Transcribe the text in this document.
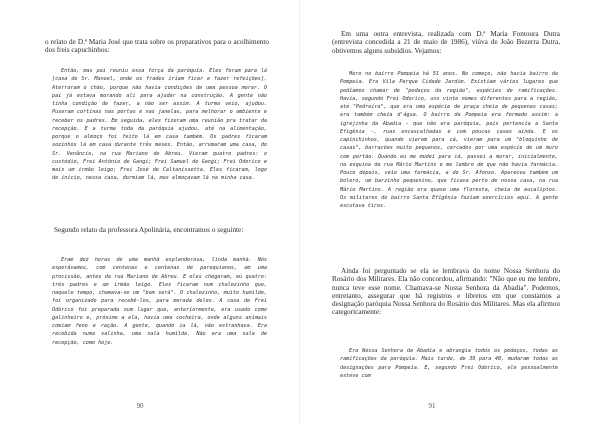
o relato de D.ª Maria José que trata sobre os preparativos para o acolhimento dos freis capuchinhos:

Então, mas pai reuniu essa força da paróquia. Eles foram para lá [casa de Sr. Manoel, onde os frades iriam ficar e fazer refeições]. Aterraram o chão, porque não havia condições de uma pessoa morar. O pai já estava morando ali para ajudar na construção. A gente não tinha condição de fazer, a não ser assim. A turma veio, ajudou. Puseram cortinas nas portas e nas janelas, para melhorar o ambiente e receber os padres. Em seguida, eles fizeram uma reunião pra tratar da recepção. E a turma toda da paróquia ajudou, até na alimentação, porque o almoço foi feito lá em casa também. Os padres ficaram sozinhos lá em casa durante três meses. Então, arrumaram uma casa, do Sr. Venâncio, na rua Mariano de Abreu. Vieram quatro padres: o custódio, Frei Antônio de Gangi; Frei Samuel de Gangi; Frei Odorico e mais um irmão leigo; Frei José de Caltanissetta. Eles ficaram, logo de início, nessa casa, dormiam lá, mas almoçavam lá na minha casa.

Segundo relato da professora Apolinária, encontramos o seguinte:

Eram dez horas de uma manhã esplendorosa, linda manhã. Nós esperávamos, com centenas e centenas de paroquianos, em uma procissão, antes da rua Mariano de Abreu. E eles chegaram, eu quatro: três padres e um irmão leigo. Eles ficaram num chalezinho que, naquele tempo, chamava-se um "bom será". O chalezinho, muito humilde, foi organizado para recebê-los, para morada deles. A casa de Frei Odórico foi preparada num lugar que, anteriormente, era usado como galinheiro e, próximo a ela, havia uma cocheira, onde alguns animais comiam feno e ração. A gente, quando ia lá, não estranhava. Era recebida numa salinha, uma sala humilde. Não era uma sala de recepção, como hoje.

90

Em uma outra entrevista, realizada com D.ª Maria Fontoura Dutra (entrevista concedida a 21 de maio de 1986), viúva de João Bezerra Dutra, obtivemos alguns subsídios. Vejamos:

Moro no bairro Pompeia há 51 anos. No começo, não havia bairro da Pompeia. Era Vila Parque Cidade Jardim. Existiam vários lugares que podíamos chamar de "pedaços da região", espécies de ramificações. Havia, segundo Frei Odorico, uns vinte nomes diferentes para a região, até "Pedreira", que era uma espécie de praça cheia de pequenas casas; era também cheia d'água. O bairro da Pompeia era formado assim: a igrejinha da Abadia - que não era paróquia, pois pertencia a Santa Efigênia -, ruas encascalhadas e com poucas casas ainda. E os capinchinhos, quando vieram para cá, vieram para um "bloquinho de casas", barracões muito pequenos, cercados por uma espécie de um muro com portão. Quando eu me mudei para cá, passei a morar, inicialmente, na esquina da rua Mário Martins e me lembro de que não havia farmácia. Pouco depois, veio uma farmácia, a do Sr. Afonso. Apareceu também um bolero, um barzinho pequenino, que ficava perto de nossa casa, na rua Mário Martins. A região era quase uma floresta, cheia de eucaliptos. Os militares do bairro Santa Efigênia faziam exercícios aqui. A gente escutava tiros.

Ainda foi perguntado se ela se lembrava do nome Nossa Senhora do Rosário dos Militares. Ela não concordou, afirmando: "Não que eu me lembre, nunca teve esse nome. Chamava-se Nossa Senhora da Abadia". Podemos, entretanto, assegurar que há registros e libretos em que constamos a designação paróquia Nossa Senhora do Rosário dos Militares. Mas ela afirmou categoricamente:

Era Nossa Senhora da Abadia e abrangia todos os pedaços, todas as ramificações da paróquia. Mais tarde, de 39 para 40, mudaram todas as designações para Pompeia. E, segundo Frei Odorico, ele pessoalmente esteve com

91
